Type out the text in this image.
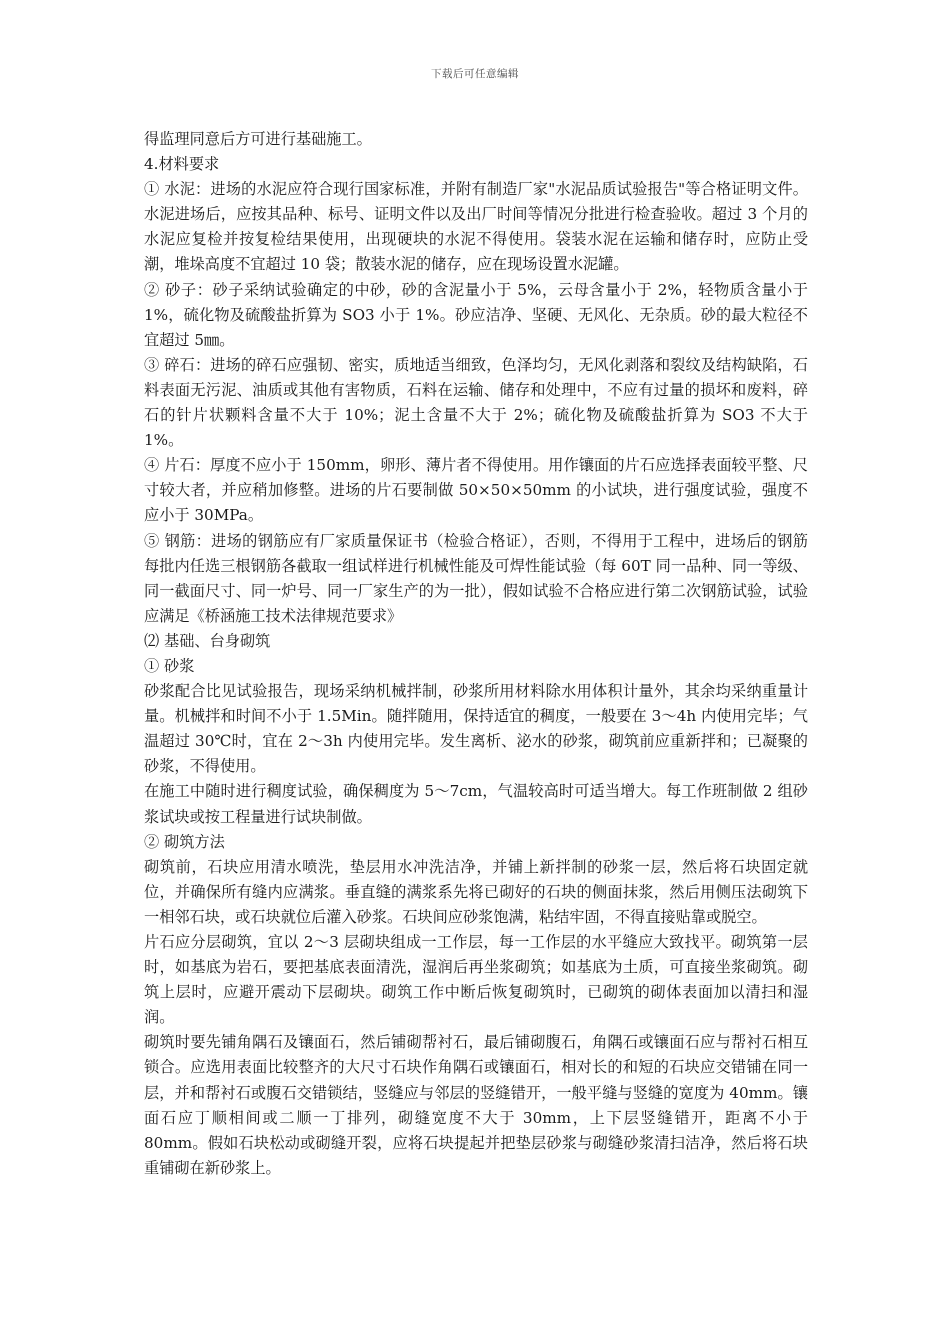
下载后可任意编辑

得监理同意后方可进行基础施工。

4.材料要求

① 水泥：进场的水泥应符合现行国家标准，并附有制造厂家"水泥品质试验报告"等合格证明文件。水泥进场后，应按其品种、标号、证明文件以及出厂时间等情况分批进行检查验收。超过 3 个月的水泥应复检并按复检结果使用，出现硬块的水泥不得使用。袋装水泥在运输和储存时，应防止受潮，堆垛高度不宜超过 10 袋；散装水泥的储存，应在现场设置水泥罐。

② 砂子：砂子采纳试验确定的中砂，砂的含泥量小于 5%，云母含量小于 2%，轻物质含量小于 1%，硫化物及硫酸盐折算为 SO3 小于 1%。砂应洁净、坚硬、无风化、无杂质。砂的最大粒径不宜超过 5㎜。

③ 碎石：进场的碎石应强韧、密实，质地适当细致，色泽均匀，无风化剥落和裂纹及结构缺陷，石料表面无污泥、油质或其他有害物质，石料在运输、储存和处理中，不应有过量的损坏和废料，碎石的针片状颗料含量不大于 10%；泥土含量不大于 2%；硫化物及硫酸盐折算为 SO3 不大于 1%。

④ 片石：厚度不应小于 150mm，卵形、薄片者不得使用。用作镶面的片石应选择表面较平整、尺寸较大者，并应稍加修整。进场的片石要制做 50×50×50mm 的小试块，进行强度试验，强度不应小于 30MPa。

⑤ 钢筋：进场的钢筋应有厂家质量保证书（检验合格证），否则，不得用于工程中，进场后的钢筋每批内任选三根钢筋各截取一组试样进行机械性能及可焊性能试验（每 60T 同一品种、同一等级、同一截面尺寸、同一炉号、同一厂家生产的为一批），假如试验不合格应进行第二次钢筋试验，试验应满足《桥涵施工技术法律规范要求》

⑵ 基础、台身砌筑

① 砂浆

砂浆配合比见试验报告，现场采纳机械拌制，砂浆所用材料除水用体积计量外，其余均采纳重量计量。机械拌和时间不小于 1.5Min。随拌随用，保持适宜的稠度，一般要在 3～4h 内使用完毕；气温超过 30℃时，宜在 2～3h 内使用完毕。发生离析、泌水的砂浆，砌筑前应重新拌和；已凝聚的砂浆，不得使用。

在施工中随时进行稠度试验，确保稠度为 5～7cm，气温较高时可适当增大。每工作班制做 2 组砂浆试块或按工程量进行试块制做。

② 砌筑方法

砌筑前，石块应用清水喷洗，垫层用水冲洗洁净，并铺上新拌制的砂浆一层，然后将石块固定就位，并确保所有缝内应满浆。垂直缝的满浆系先将已砌好的石块的侧面抹浆，然后用侧压法砌筑下一相邻石块，或石块就位后灌入砂浆。石块间应砂浆饱满，粘结牢固，不得直接贴靠或脱空。

片石应分层砌筑，宜以 2～3 层砌块组成一工作层，每一工作层的水平缝应大致找平。砌筑第一层时，如基底为岩石，要把基底表面清洗，湿润后再坐浆砌筑；如基底为土质，可直接坐浆砌筑。砌筑上层时，应避开震动下层砌块。砌筑工作中断后恢复砌筑时，已砌筑的砌体表面加以清扫和湿润。

砌筑时要先铺角隅石及镶面石，然后铺砌帮衬石，最后铺砌腹石，角隅石或镶面石应与帮衬石相互锁合。应选用表面比较整齐的大尺寸石块作角隅石或镶面石，相对长的和短的石块应交错铺在同一层，并和帮衬石或腹石交错锁结，竖缝应与邻层的竖缝错开，一般平缝与竖缝的宽度为 40mm。镶面石应丁顺相间或二顺一丁排列，砌缝宽度不大于 30mm，上下层竖缝错开，距离不小于 80mm。假如石块松动或砌缝开裂，应将石块提起并把垫层砂浆与砌缝砂浆清扫洁净，然后将石块重铺砌在新砂浆上。
